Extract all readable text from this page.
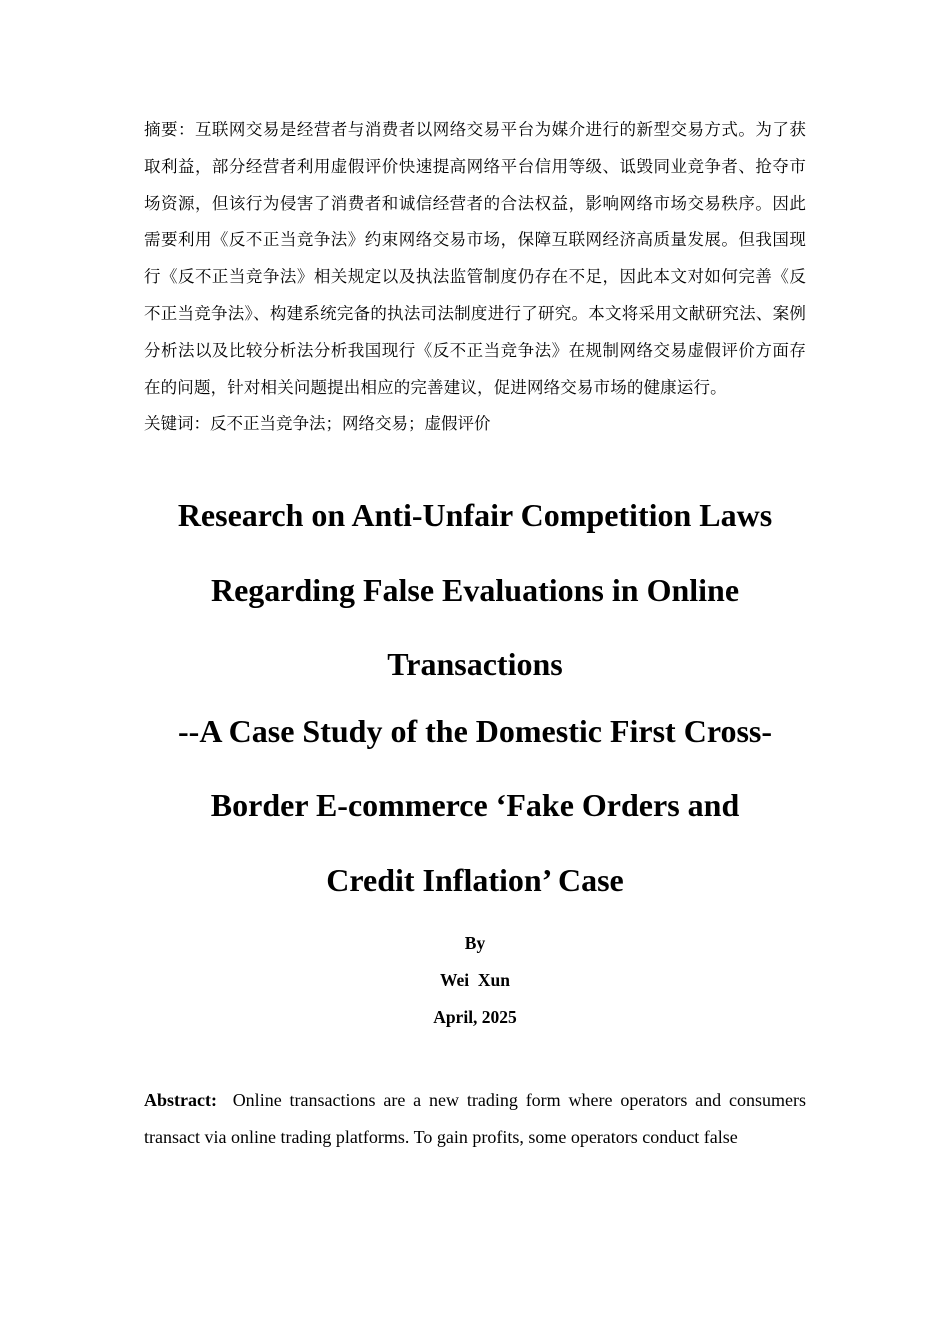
摘要：互联网交易是经营者与消费者以网络交易平台为媒介进行的新型交易方式。为了获取利益，部分经营者利用虚假评价快速提高网络平台信用等级、诋毁同业竞争者、抢夺市场资源，但该行为侵害了消费者和诚信经营者的合法权益，影响网络市场交易秩序。因此需要利用《反不正当竞争法》约束网络交易市场，保障互联网经济高质量发展。但我国现行《反不正当竞争法》相关规定以及执法监管制度仍存在不足，因此本文对如何完善《反不正当竞争法》、构建系统完备的执法司法制度进行了研究。本文将采用文献研究法、案例分析法以及比较分析法分析我国现行《反不正当竞争法》在规制网络交易虚假评价方面存在的问题，针对相关问题提出相应的完善建议，促进网络交易市场的健康运行。

关键词：反不正当竞争法；网络交易；虚假评价

Research on Anti-Unfair Competition Laws
Regarding False Evaluations in Online
Transactions
--A Case Study of the Domestic First Cross-
Border E-commerce ‘Fake Orders and
Credit Inflation’ Case

By

Wei  Xun

April, 2025

Abstract: Online transactions are a new trading form where operators and consumers transact via online trading platforms. To gain profits, some operators conduct false
